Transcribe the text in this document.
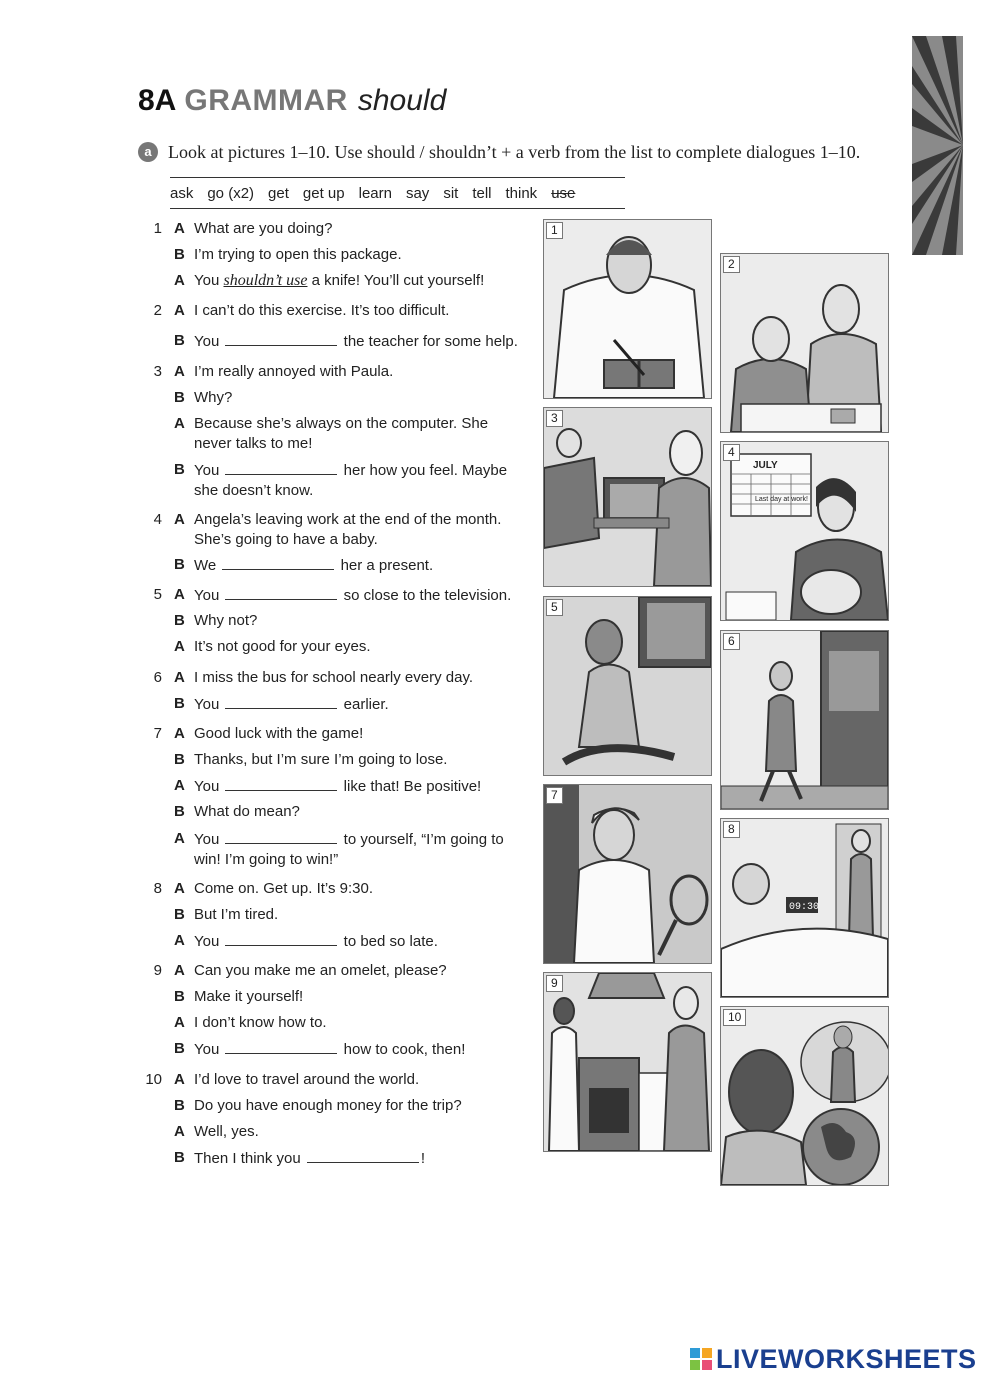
8A GRAMMAR should
a Look at pictures 1–10. Use should / shouldn’t + a verb from the list to complete dialogues 1–10.
ask go (x2) get get up learn say sit tell think use
1 A What are you doing?
B I’m trying to open this package.
A You shouldn’t use a knife! You’ll cut yourself!
2 A I can’t do this exercise. It’s too difficult.
B You	the teacher for some help.
3 A I’m really annoyed with Paula.
B Why?
A Because she’s always on the computer. She never talks to me!
B You	her how you feel. Maybe she doesn’t know.
4 A Angela’s leaving work at the end of the month. She’s going to have a baby.
B We	her a present.
5 A You	so close to the television.
B Why not?
A It’s not good for your eyes.
6 A I miss the bus for school nearly every day.
B You	earlier.
7 A Good luck with the game!
B Thanks, but I’m sure I’m going to lose.
A You	like that! Be positive!
B What do mean?
A You	to yourself, “I’m going to win! I’m going to win!”
8 A Come on. Get up. It’s 9:30.
B But I’m tired.
A You	to bed so late.
9 A Can you make me an omelet, please?
B Make it yourself!
A I don’t know how to.
B You	how to cook, then!
10 A I’d love to travel around the world.
B Do you have enough money for the trip?
A Well, yes.
B Then I think you	!
1
2
3
JULY
Last day at work!
4
5
6
7
09:30
8
9
10
LIVEWORKSHEETS
